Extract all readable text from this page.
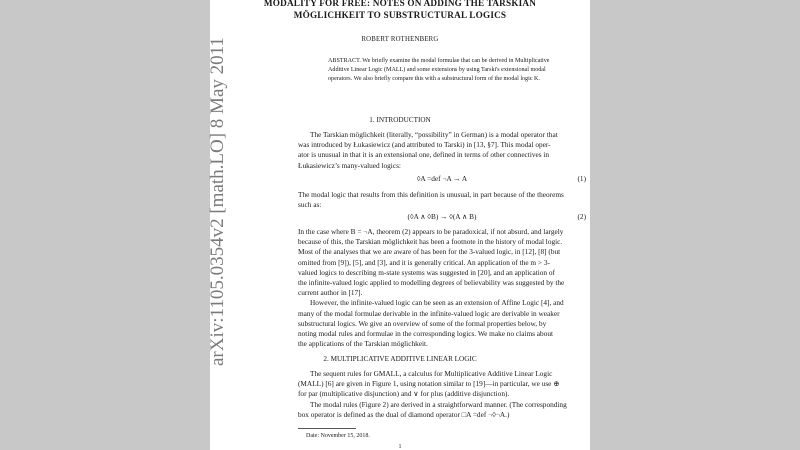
arXiv:1105.0354v2 [math.LO] 8 May 2011
MODALITY FOR FREE: NOTES ON ADDING THE TARSKIAN
MÖGLICHKEIT TO SUBSTRUCTURAL LOGICS
ROBERT ROTHENBERG
ABSTRACT. We briefly examine the modal formulae that can be derived in Multiplicative
Additive Linear Logic (MALL) and some extensions by using Tarski's extensional modal
operators. We also briefly compare this with a substructural form of the modal logic K.
1. INTRODUCTION
The Tarskian möglichkeit (literally, “possibility” in German) is a modal operator that
was introduced by Łukasiewicz (and attributed to Tarski) in [13, §7]. This modal oper-
ator is unusual in that it is an extensional one, defined in terms of other connectives in
Łukasiewicz’s many-valued logics:
◊A =def ¬A → A	(1)
The modal logic that results from this definition is unusual, in part because of the theorems
such as:
(◊A ∧ ◊B) → ◊(A ∧ B)	(2)
In the case where B = ¬A, theorem (2) appears to be paradoxical, if not absurd, and largely
because of this, the Tarskian möglichkeit has been a footnote in the history of modal logic.
Most of the analyses that we are aware of has been for the 3-valued logic, in [12], [8] (but
omitted from [9]), [5], and [3], and it is generally critical. An application of the m > 3-
valued logics to describing m-state systems was suggested in [20], and an application of
the infinite-valued logic applied to modelling degrees of believability was suggested by the
current author in [17].
However, the infinite-valued logic can be seen as an extension of Affine Logic [4], and
many of the modal formulae derivable in the infinite-valued logic are derivable in weaker
substructural logics. We give an overview of some of the formal properties below, by
noting modal rules and formulae in the corresponding logics. We make no claims about
the applications of the Tarskian möglichkeit.
2. MULTIPLICATIVE ADDITIVE LINEAR LOGIC
The sequent rules for GMALL, a calculus for Multiplicative Additive Linear Logic
(MALL) [6] are given in Figure 1, using notation similar to [19]—in particular, we use ⊕
for par (multiplicative disjunction) and ∨ for plus (additive disjunction).
The modal rules (Figure 2) are derived in a straightforward manner. (The corresponding
box operator is defined as the dual of diamond operator □A =def ¬◊¬A.)
Date: November 15, 2018.
1
